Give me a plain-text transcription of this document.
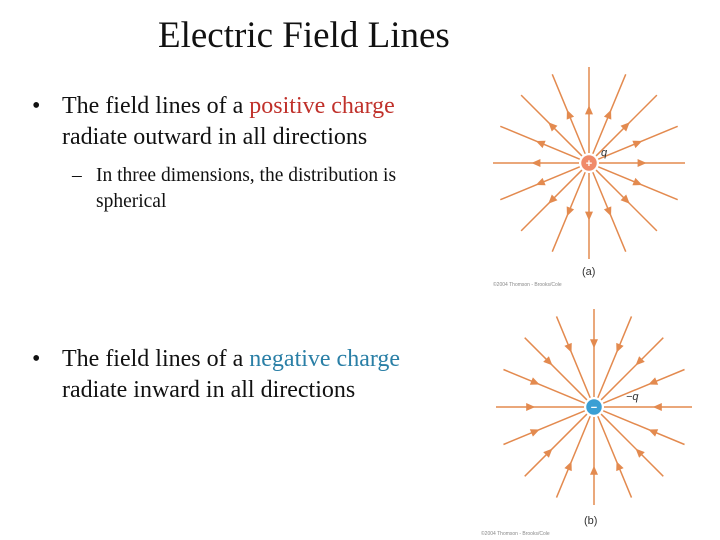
Electric Field Lines
• The field lines of a positive charge
radiate outward in all directions
– In three dimensions, the distribution is
spherical
• The field lines of a negative charge
radiate inward in all directions
+
−
q
(a)
©2004 Thomson - Brooks/Cole
−q
(b)
©2004 Thomson - Brooks/Cole
